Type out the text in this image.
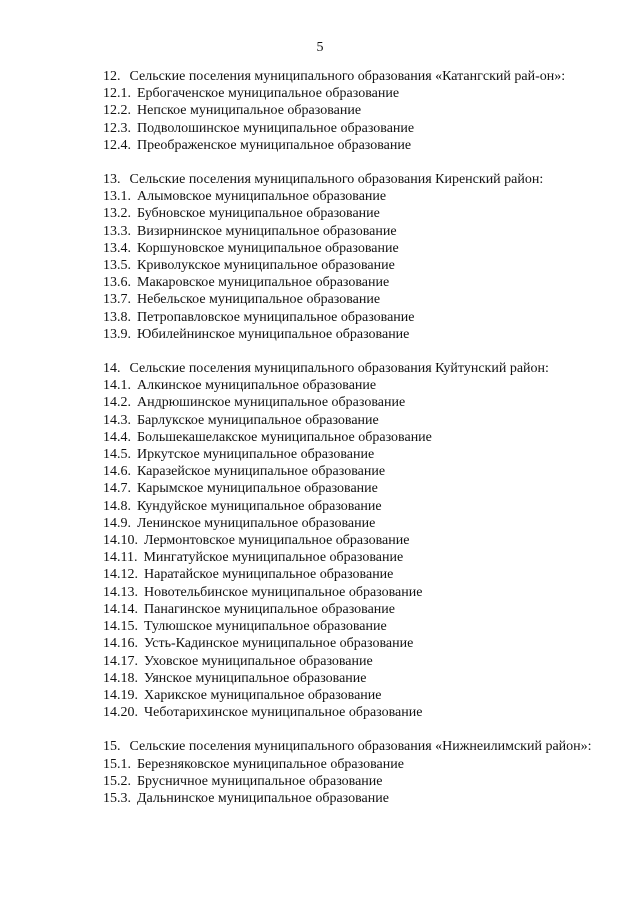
5
12. Сельские поселения муниципального образования «Катангский рай-он»:
12.1. Ербогаченское муниципальное образование
12.2. Непское муниципальное образование
12.3. Подволошинское муниципальное образование
12.4. Преображенское муниципальное образование
13. Сельские поселения муниципального образования Киренский район:
13.1. Алымовское муниципальное образование
13.2. Бубновское муниципальное образование
13.3. Визирнинское муниципальное образование
13.4. Коршуновское муниципальное образование
13.5. Криволукское муниципальное образование
13.6. Макаровское муниципальное образование
13.7. Небельское муниципальное образование
13.8. Петропавловское муниципальное образование
13.9. Юбилейнинское муниципальное образование
14. Сельские поселения муниципального образования Куйтунский район:
14.1. Алкинское муниципальное образование
14.2. Андрюшинское муниципальное образование
14.3. Барлукское муниципальное образование
14.4. Большекашелакское муниципальное образование
14.5. Иркутское муниципальное образование
14.6. Каразейское муниципальное образование
14.7. Карымское муниципальное образование
14.8. Кундуйское муниципальное образование
14.9. Ленинское муниципальное образование
14.10. Лермонтовское муниципальное образование
14.11. Мингатуйское муниципальное образование
14.12. Наратайское муниципальное образование
14.13. Новотельбинское муниципальное образование
14.14. Панагинское муниципальное образование
14.15. Тулюшское муниципальное образование
14.16. Усть-Кадинское муниципальное образование
14.17. Уховское муниципальное образование
14.18. Уянское муниципальное образование
14.19. Харикское муниципальное образование
14.20. Чеботарихинское муниципальное образование
15. Сельские поселения муниципального образования «Нижнеилимский район»:
15.1. Березняковское муниципальное образование
15.2. Брусничное муниципальное образование
15.3. Дальнинское муниципальное образование
